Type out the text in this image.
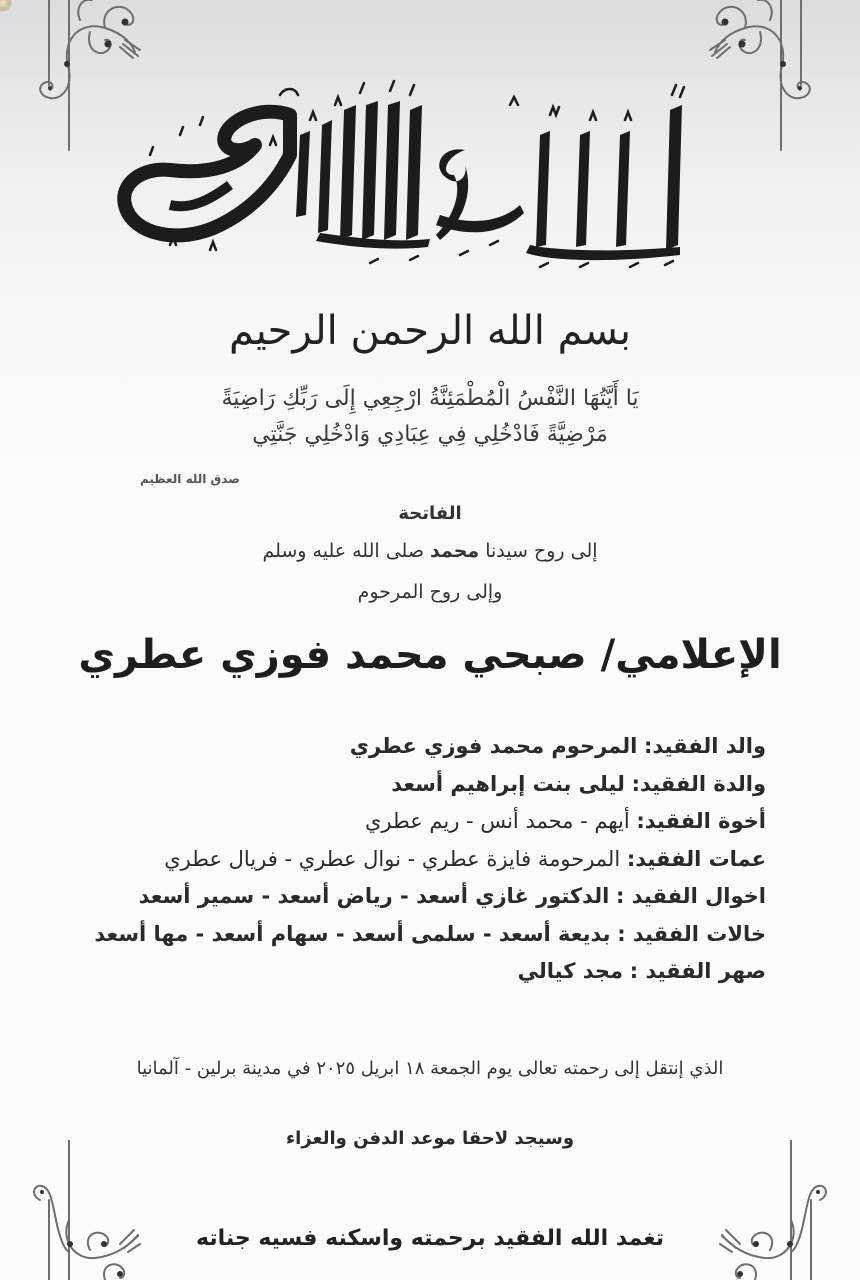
بسم الله الرحمن الرحيم
يَا أَيَّتُهَا النَّفْسُ الْمُطْمَئِنَّةُ ارْجِعِي إِلَى رَبِّكِ رَاضِيَةً
مَرْضِيَّةً فَادْخُلِي فِي عِبَادِي وَادْخُلِي جَنَّتِي
صدق الله العظيم
الفاتحة
إلى روح سيدنا محمد صلى الله عليه وسلم
وإلى روح المرحوم
الإعلامي/ صبحي محمد فوزي عطري
والد الفقيد: المرحوم محمد فوزي عطري
والدة الفقيد: ليلى بنت إبراهيم أسعد
أخوة الفقيد: أيهم - محمد أنس - ريم عطري
عمات الفقيد: المرحومة فايزة عطري - نوال عطري - فريال عطري
اخوال الفقيد : الدكتور غازي أسعد - رياض أسعد - سمير أسعد
خالات الفقيد : بديعة أسعد - سلمى أسعد - سهام أسعد - مها أسعد
صهر الفقيد : مجد كيالي
الذي إنتقل إلى رحمته تعالى يوم الجمعة ١٨ ابريل ٢٠٢٥ في مدينة برلين - آلمانيا
وسيجد لاحقا موعد الدفن والعزاء
تغمد الله الفقيد برحمته واسكنه فسيه جناته
